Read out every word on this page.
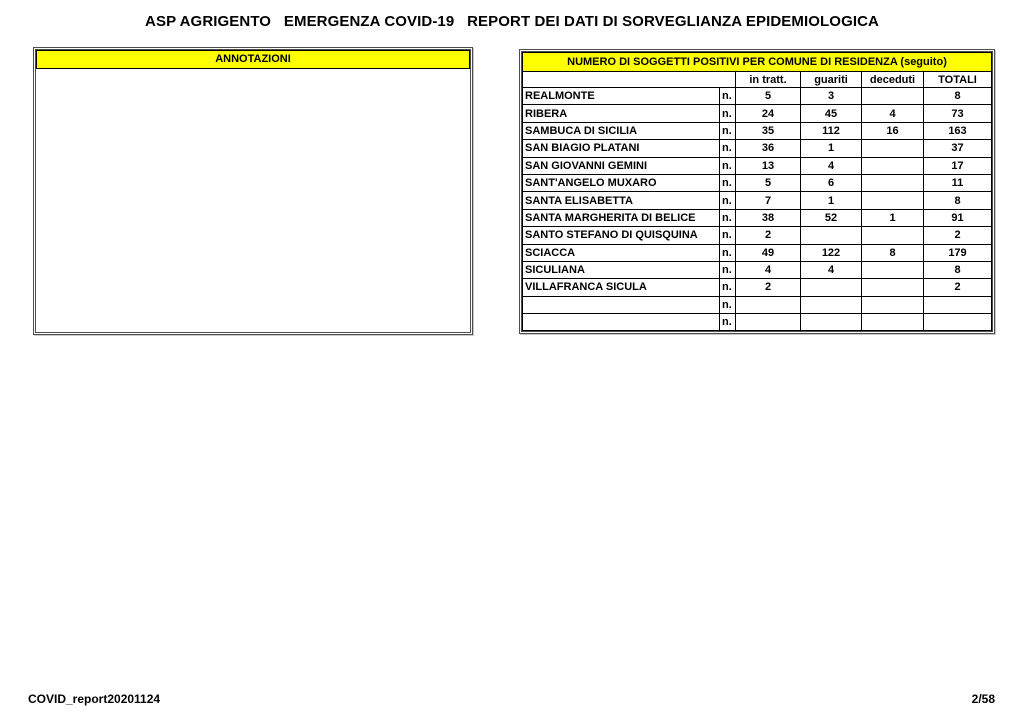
ASP AGRIGENTO   EMERGENZA COVID-19   REPORT DEI DATI DI SORVEGLIANZA EPIDEMIOLOGICA
ANNOTAZIONI	NUMERO DI SOGGETTI POSITIVI PER COMUNE DI RESIDENZA (seguito)					
		in tratt.	guariti	deceduti	TOTALI
REALMONTE	n.	5	3		8
RIBERA	n.	24	45	4	73
SAMBUCA DI SICILIA	n.	35	112	16	163
SAN BIAGIO PLATANI	n.	36	1		37
SAN GIOVANNI GEMINI	n.	13	4		17
SANT'ANGELO MUXARO	n.	5	6		11
SANTA ELISABETTA	n.	7	1		8
SANTA MARGHERITA DI BELICE	n.	38	52	1	91
SANTO STEFANO DI QUISQUINA	n.	2			2
SCIACCA	n.	49	122	8	179
SICULIANA	n.	4	4		8
VILLAFRANCA SICULA	n.	2			2
	n.				
	n.				
COVID_report20201124	2/58
